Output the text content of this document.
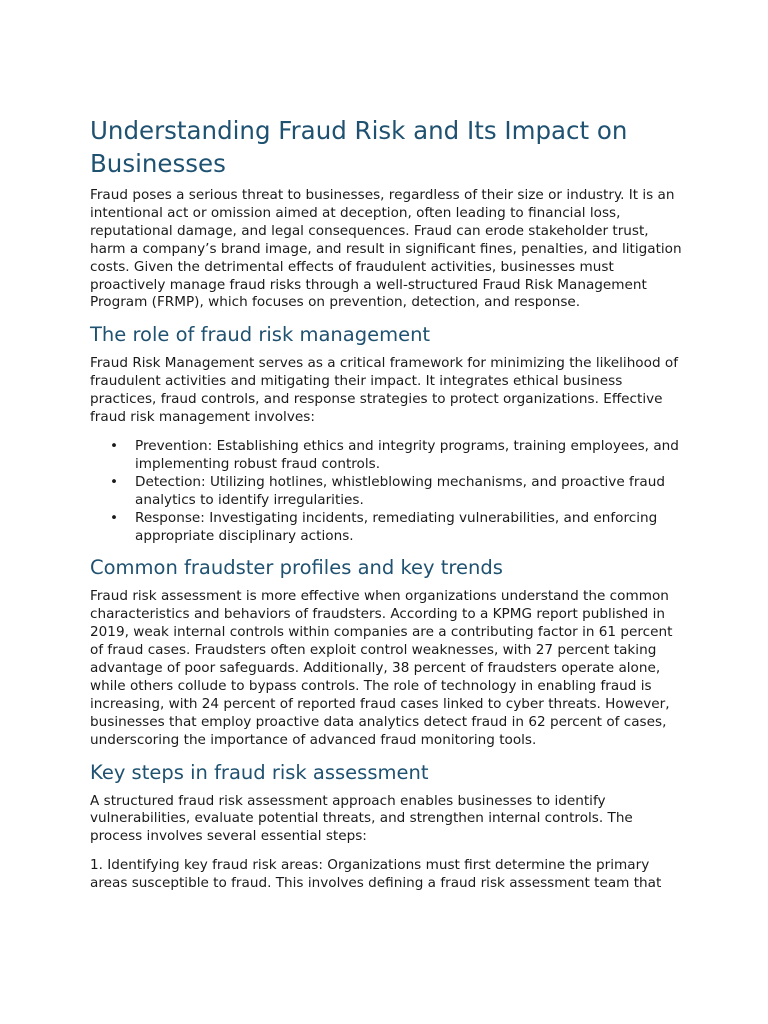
Understanding Fraud Risk and Its Impact on Businesses

Fraud poses a serious threat to businesses, regardless of their size or industry. It is an intentional act or omission aimed at deception, often leading to financial loss, reputational damage, and legal consequences. Fraud can erode stakeholder trust, harm a company’s brand image, and result in significant fines, penalties, and litigation costs. Given the detrimental effects of fraudulent activities, businesses must proactively manage fraud risks through a well-structured Fraud Risk Management Program (FRMP), which focuses on prevention, detection, and response.

The role of fraud risk management

Fraud Risk Management serves as a critical framework for minimizing the likelihood of fraudulent activities and mitigating their impact. It integrates ethical business practices, fraud controls, and response strategies to protect organizations. Effective fraud risk management involves:

• Prevention: Establishing ethics and integrity programs, training employees, and implementing robust fraud controls.
• Detection: Utilizing hotlines, whistleblowing mechanisms, and proactive fraud analytics to identify irregularities.
• Response: Investigating incidents, remediating vulnerabilities, and enforcing appropriate disciplinary actions.
Common fraudster profiles and key trends

Fraud risk assessment is more effective when organizations understand the common characteristics and behaviors of fraudsters. According to a KPMG report published in 2019, weak internal controls within companies are a contributing factor in 61 percent of fraud cases. Fraudsters often exploit control weaknesses, with 27 percent taking advantage of poor safeguards. Additionally, 38 percent of fraudsters operate alone, while others collude to bypass controls. The role of technology in enabling fraud is increasing, with 24 percent of reported fraud cases linked to cyber threats. However, businesses that employ proactive data analytics detect fraud in 62 percent of cases, underscoring the importance of advanced fraud monitoring tools.

Key steps in fraud risk assessment

A structured fraud risk assessment approach enables businesses to identify vulnerabilities, evaluate potential threats, and strengthen internal controls. The process involves several essential steps:

1. Identifying key fraud risk areas: Organizations must first determine the primary areas susceptible to fraud. This involves defining a fraud risk assessment team that
